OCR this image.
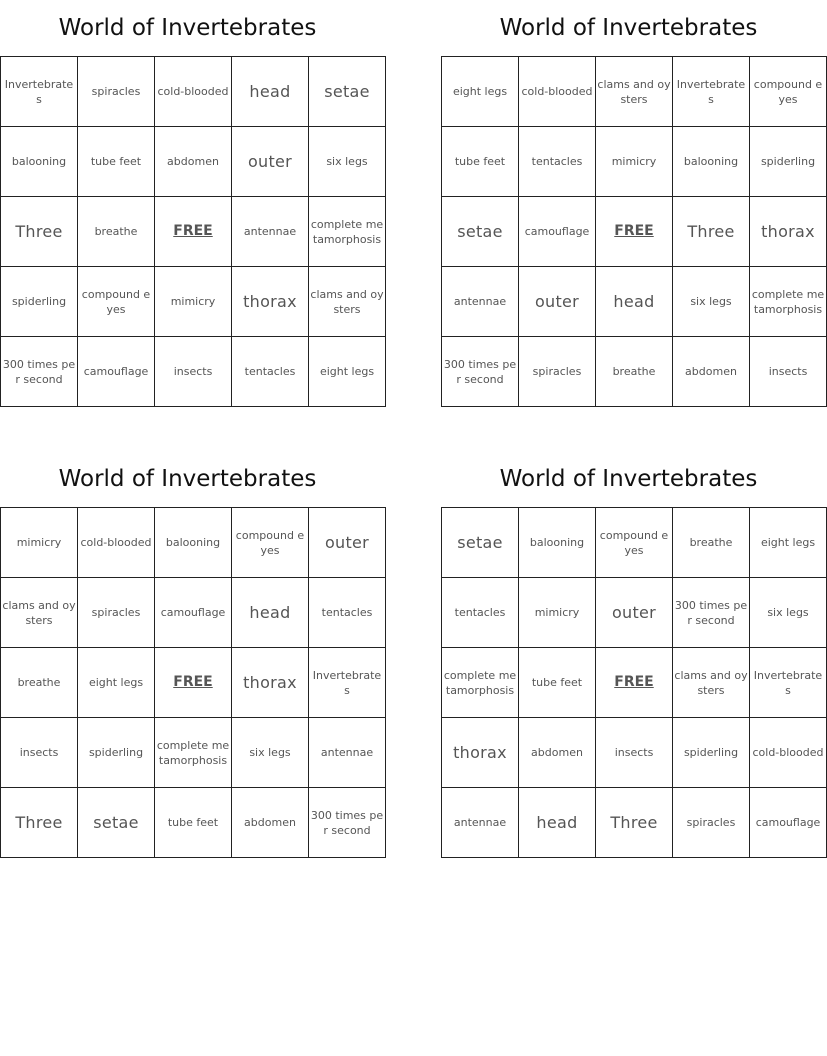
World of Invertebrates
Invertebrates	spiracles	cold-blooded	head	setae
balooning	tube feet	abdomen	outer	six legs
Three	breathe	FREE	antennae	complete metamorphosis
spiderling	compound eyes	mimicry	thorax	clams and oysters
300 times per second	camouflage	insects	tentacles	eight legs
World of Invertebrates
eight legs	cold-blooded	clams and oysters	Invertebrates	compound eyes
tube feet	tentacles	mimicry	balooning	spiderling
setae	camouflage	FREE	Three	thorax
antennae	outer	head	six legs	complete metamorphosis
300 times per second	spiracles	breathe	abdomen	insects
World of Invertebrates
mimicry	cold-blooded	balooning	compound eyes	outer
clams and oysters	spiracles	camouflage	head	tentacles
breathe	eight legs	FREE	thorax	Invertebrates
insects	spiderling	complete metamorphosis	six legs	antennae
Three	setae	tube feet	abdomen	300 times per second
World of Invertebrates
setae	balooning	compound eyes	breathe	eight legs
tentacles	mimicry	outer	300 times per second	six legs
complete metamorphosis	tube feet	FREE	clams and oysters	Invertebrates
thorax	abdomen	insects	spiderling	cold-blooded
antennae	head	Three	spiracles	camouflage
